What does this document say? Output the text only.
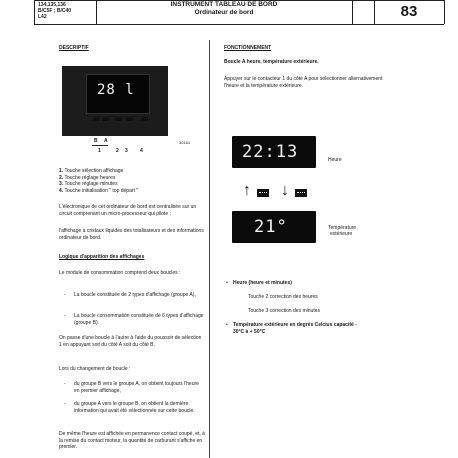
134,135,136
B/C5F ; B/C40
L42
INSTRUMENT TABLEAU DE BORD
Ordinateur de bord	83
DESCRIPTIF
28 l
B A
1	2 3 4
30161
1. Touche sélection affichage
2. Touche réglage heures
3. Touche réglage minutes
4. Touche initialisation " top départ "
L'électronique de cet ordinateur de bord est centralisée sur un circuit comprenant un micro-processeur qui pilote :
l'affichage à cristaux liquides des totalisateurs et des informations ordinateur de bord.
Logique d'apparition des affichages
Le module de consommation comprend deux boucles :
- La boucle constituée de 2 types d'affichage (groupe A),
- La boucle consommation constituée de 6 types d'affichage (groupe B).
On passe d'une boucle à l'autre à l'aide du poussoir de sélection 1 en appuyant soit du côté A soit du côté B.
Lors du changement de boucle :
- du groupe B vers le groupe A, on obtient toujours l'heure en premier affichage,
- du groupe A vers le groupe B, on obtient la dernière information qui avait été sélectionnée sur cette boucle.
De même l'heure est affichée en permanence contact coupé, et, à la remise du contact moteur, la quantité de carburant s'affiche en premier.
FONCTIONNEMENT
Boucle A heure, température extérieure.
Appuyer sur le contacteur 1 du côté A pour sélectionner alternativement l'heure et la température extérieure.
22:13	Heure
↑ ↓
21°	Température
extérieure
• Heure (heure et minutes)
Touche 2 correction des heures
Touche 3 correction des minutes
• Température extérieure en degrés Celcius capacité - 30°C à + 50°C
